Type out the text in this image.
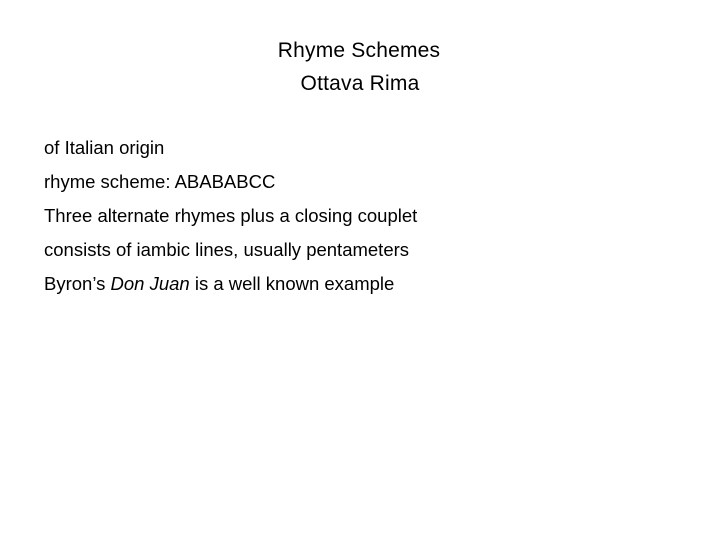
Rhyme Schemes
Ottava Rima
of Italian origin
rhyme scheme: ABABABCC
Three alternate rhymes plus a closing couplet
consists of iambic lines, usually pentameters
Byron’s Don Juan is a well known example
